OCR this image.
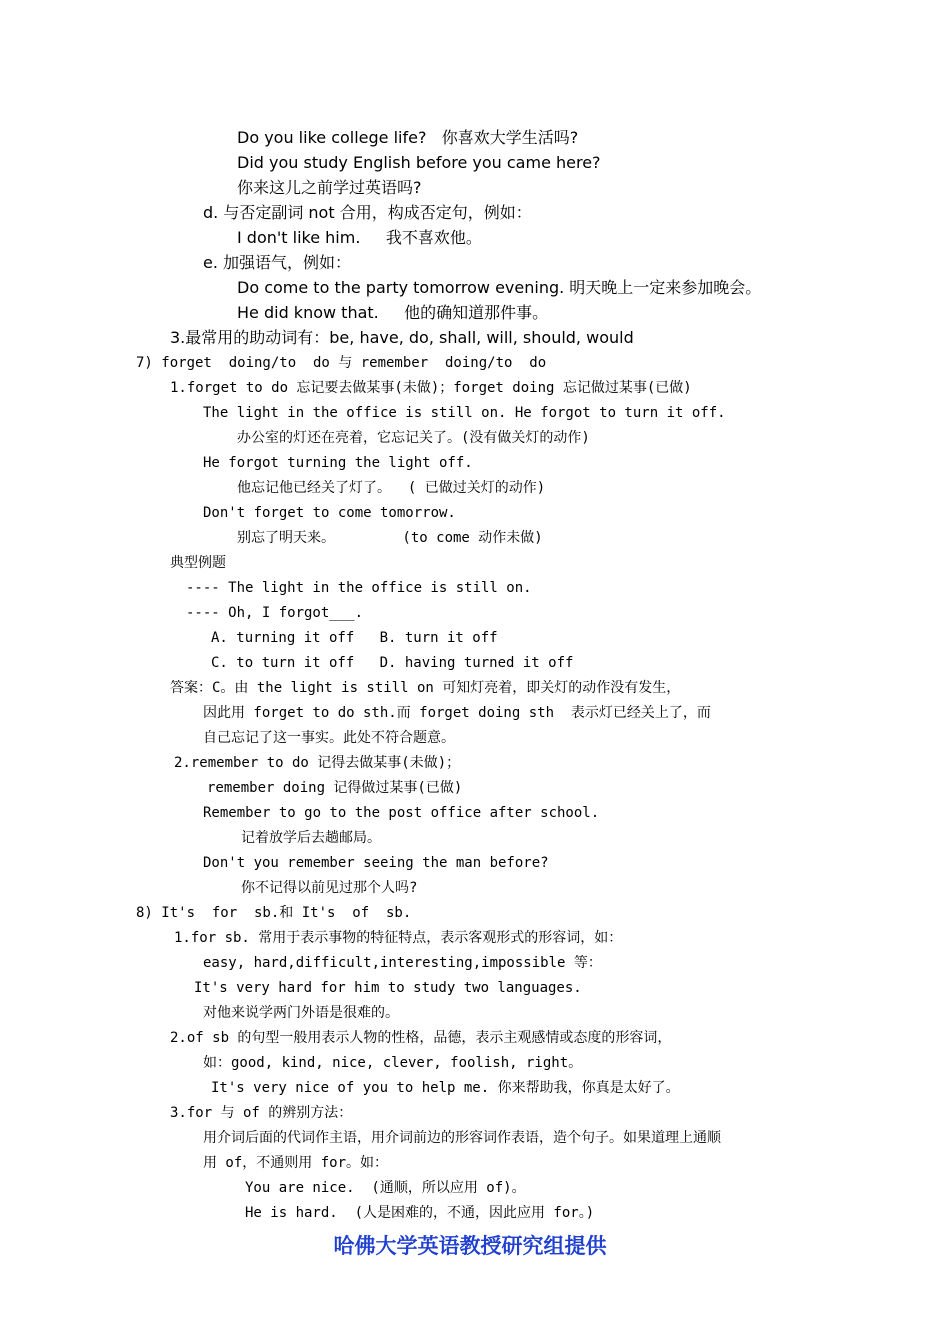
Do you like college life?   你喜欢大学生活吗?
Did you study English before you came here?
你来这儿之前学过英语吗?
d. 与否定副词 not 合用，构成否定句，例如：
I don't like him.     我不喜欢他。
e. 加强语气，例如：
Do come to the party tomorrow evening. 明天晚上一定来参加晚会。
He did know that.     他的确知道那件事。
3.最常用的助动词有：be, have, do, shall, will, should, would
7) forget  doing/to  do 与 remember  doing/to  do
1.forget to do 忘记要去做某事(未做)；forget doing 忘记做过某事(已做)
The light in the office is still on. He forgot to turn it off.
办公室的灯还在亮着，它忘记关了。(没有做关灯的动作)
He forgot turning the light off.
他忘记他已经关了灯了。  ( 已做过关灯的动作)
Don't forget to come tomorrow.
别忘了明天来。        (to come 动作未做)
典型例题
---- The light in the office is still on.
---- Oh, I forgot___.
A. turning it off   B. turn it off
C. to turn it off   D. having turned it off
答案：C。由 the light is still on 可知灯亮着，即关灯的动作没有发生，
因此用 forget to do sth.而 forget doing sth  表示灯已经关上了，而
自己忘记了这一事实。此处不符合题意。
2.remember to do 记得去做某事(未做)；
remember doing 记得做过某事(已做)
Remember to go to the post office after school.
记着放学后去趟邮局。
Don't you remember seeing the man before?
你不记得以前见过那个人吗?
8) It's  for  sb.和 It's  of  sb.
1.for sb. 常用于表示事物的特征特点，表示客观形式的形容词，如：
easy, hard,difficult,interesting,impossible 等：
It's very hard for him to study two languages.
对他来说学两门外语是很难的。
2.of sb 的句型一般用表示人物的性格，品德，表示主观感情或态度的形容词，
如：good, kind, nice, clever, foolish, right。
It's very nice of you to help me. 你来帮助我，你真是太好了。
3.for 与 of 的辨别方法：
用介词后面的代词作主语，用介词前边的形容词作表语，造个句子。如果道理上通顺
用 of，不通则用 for。如：
You are nice.  (通顺，所以应用 of)。
He is hard.  (人是困难的，不通，因此应用 for。)
哈佛大学英语教授研究组提供
